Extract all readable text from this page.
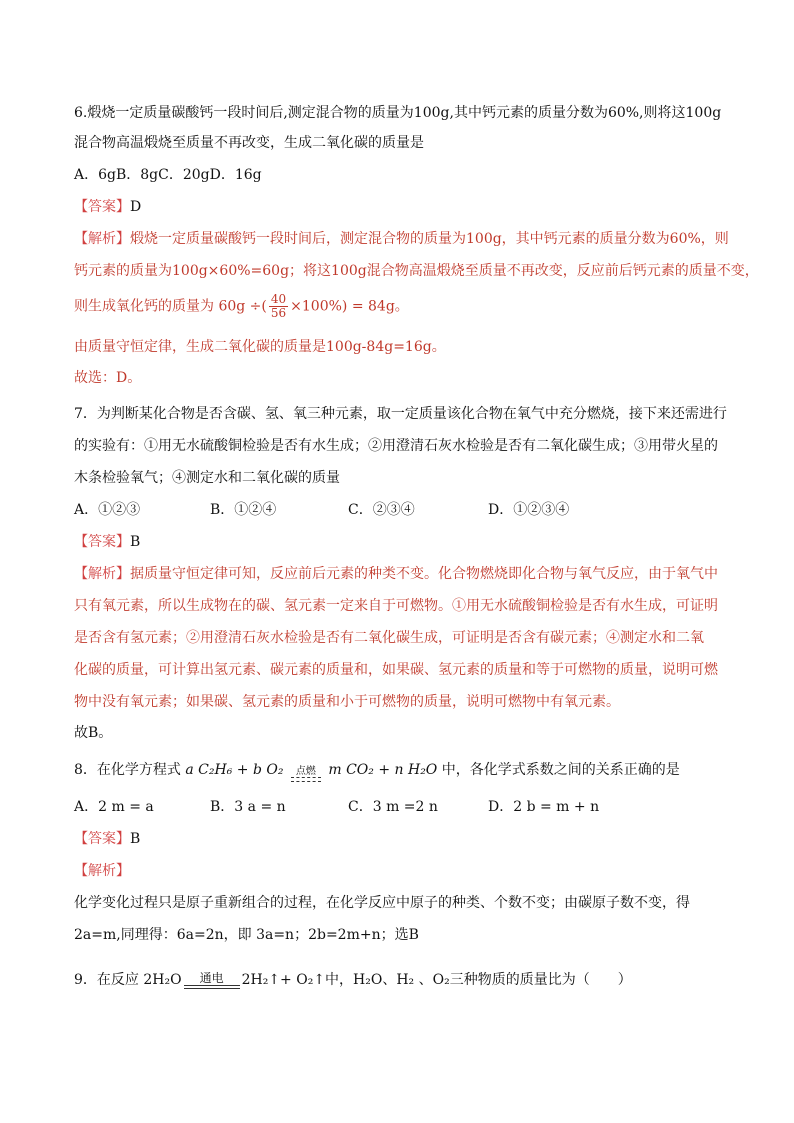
6.煅烧一定质量碳酸钙一段时间后,测定混合物的质量为100g,其中钙元素的质量分数为60%,则将这100g
混合物高温煅烧至质量不再改变，生成二氧化碳的质量是
A．6gB．8gC．20gD．16g
【答案】D
【解析】煅烧一定质量碳酸钙一段时间后，测定混合物的质量为100g，其中钙元素的质量分数为60%，则
钙元素的质量为100g×60%=60g；将这100g混合物高温煅烧至质量不再改变，反应前后钙元素的质量不变，
则生成氧化钙的质量为 60g ÷( $\frac{40}{56} \times 100\%) = 84g$。
由质量守恒定律，生成二氧化碳的质量是100g-84g=16g。
故选：D。
7．为判断某化合物是否含碳、氢、氧三种元素，取一定质量该化合物在氧气中充分燃烧，接下来还需进行
的实验有：①用无水硫酸铜检验是否有水生成；②用澄清石灰水检验是否有二氧化碳生成；③用带火星的
木条检验氧气；④测定水和二氧化碳的质量
A．①②③	B．①②④	C．②③④	D．①②③④
【答案】B
【解析】据质量守恒定律可知，反应前后元素的种类不变。化合物燃烧即化合物与氧气反应，由于氧气中
只有氧元素，所以生成物在的碳、氢元素一定来自于可燃物。①用无水硫酸铜检验是否有水生成，可证明
是否含有氢元素；②用澄清石灰水检验是否有二氧化碳生成，可证明是否含有碳元素；④测定水和二氧
化碳的质量，可计算出氢元素、碳元素的质量和，如果碳、氢元素的质量和等于可燃物的质量，说明可燃
物中没有氧元素；如果碳、氢元素的质量和小于可燃物的质量，说明可燃物中有氧元素。
故B。
8．在化学方程式 a C₂H₆ + b O₂	点燃 m CO₂ + n H₂O 中，各化学式系数之间的关系正确的是
A．2 m = a	B．3 a = n	C．3 m =2 n	D．2 b = m + n
【答案】B
【解析】
化学变化过程只是原子重新组合的过程，在化学反应中原子的种类、个数不变；由碳原子数不变，得
2a=m,同理得：6a=2n，即 3a=n；2b=2m+n；选B
9．在反应 2H₂O	通电	2H₂↑+ O₂↑中，H₂O、H₂ 、O₂三种物质的质量比为（　　）
